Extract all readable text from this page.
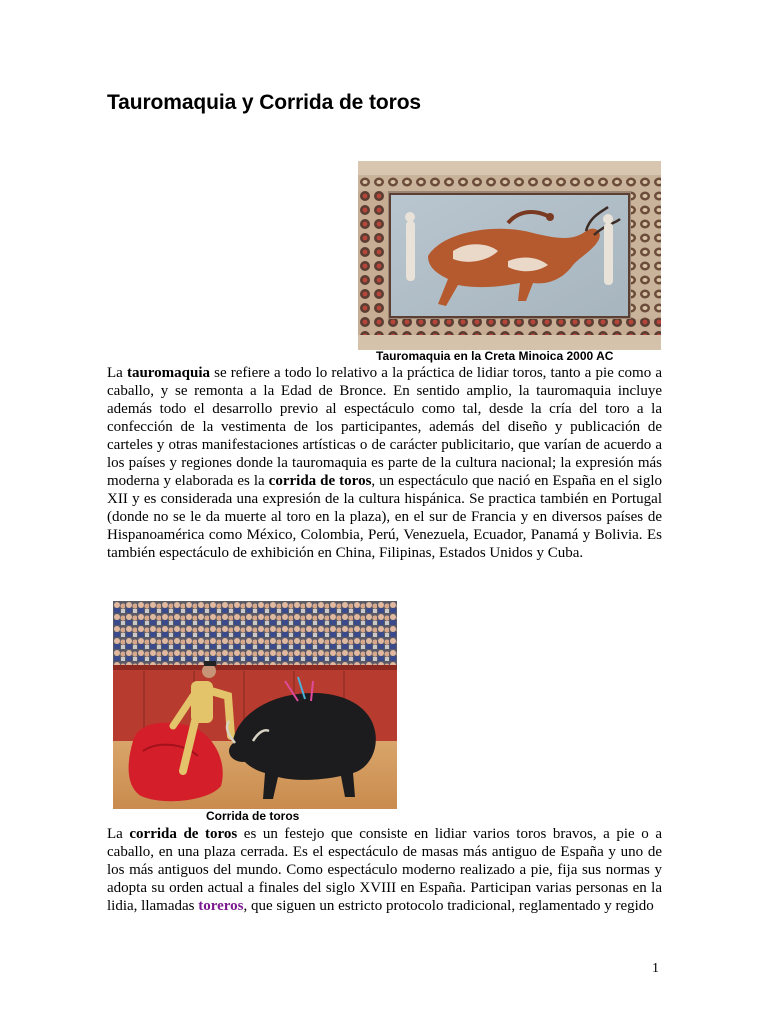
Tauromaquia y Corrida de toros
Tauromaquia en la Creta Minoica 2000 AC

La tauromaquia se refiere a todo lo relativo a la práctica de lidiar toros, tanto a pie como a caballo, y se remonta a la Edad de Bronce. En sentido amplio, la tauromaquia incluye además todo el desarrollo previo al espectáculo como tal, desde la cría del toro a la confección de la vestimenta de los participantes, además del diseño y publicación de carteles y otras manifestaciones artísticas o de carácter publicitario, que varían de acuerdo a los países y regiones donde la tauromaquia es parte de la cultura nacional; la expresión más moderna y elaborada es la corrida de toros, un espectáculo que nació en España en el siglo XII y es considerada una expresión de la cultura hispánica. Se practica también en Portugal (donde no se le da muerte al toro en la plaza), en el sur de Francia y en diversos países de Hispanoamérica como México, Colombia, Perú, Venezuela, Ecuador, Panamá y Bolivia. Es también espectáculo de exhibición en China, Filipinas, Estados Unidos y Cuba.

Corrida de toros

La corrida de toros es un festejo que consiste en lidiar varios toros bravos, a pie o a caballo, en una plaza cerrada. Es el espectáculo de masas más antiguo de España y uno de los más antiguos del mundo. Como espectáculo moderno realizado a pie, fija sus normas y adopta su orden actual a finales del siglo XVIII en España. Participan varias personas en la lidia, llamadas toreros, que siguen un estricto protocolo tradicional, reglamentado y regido

1
